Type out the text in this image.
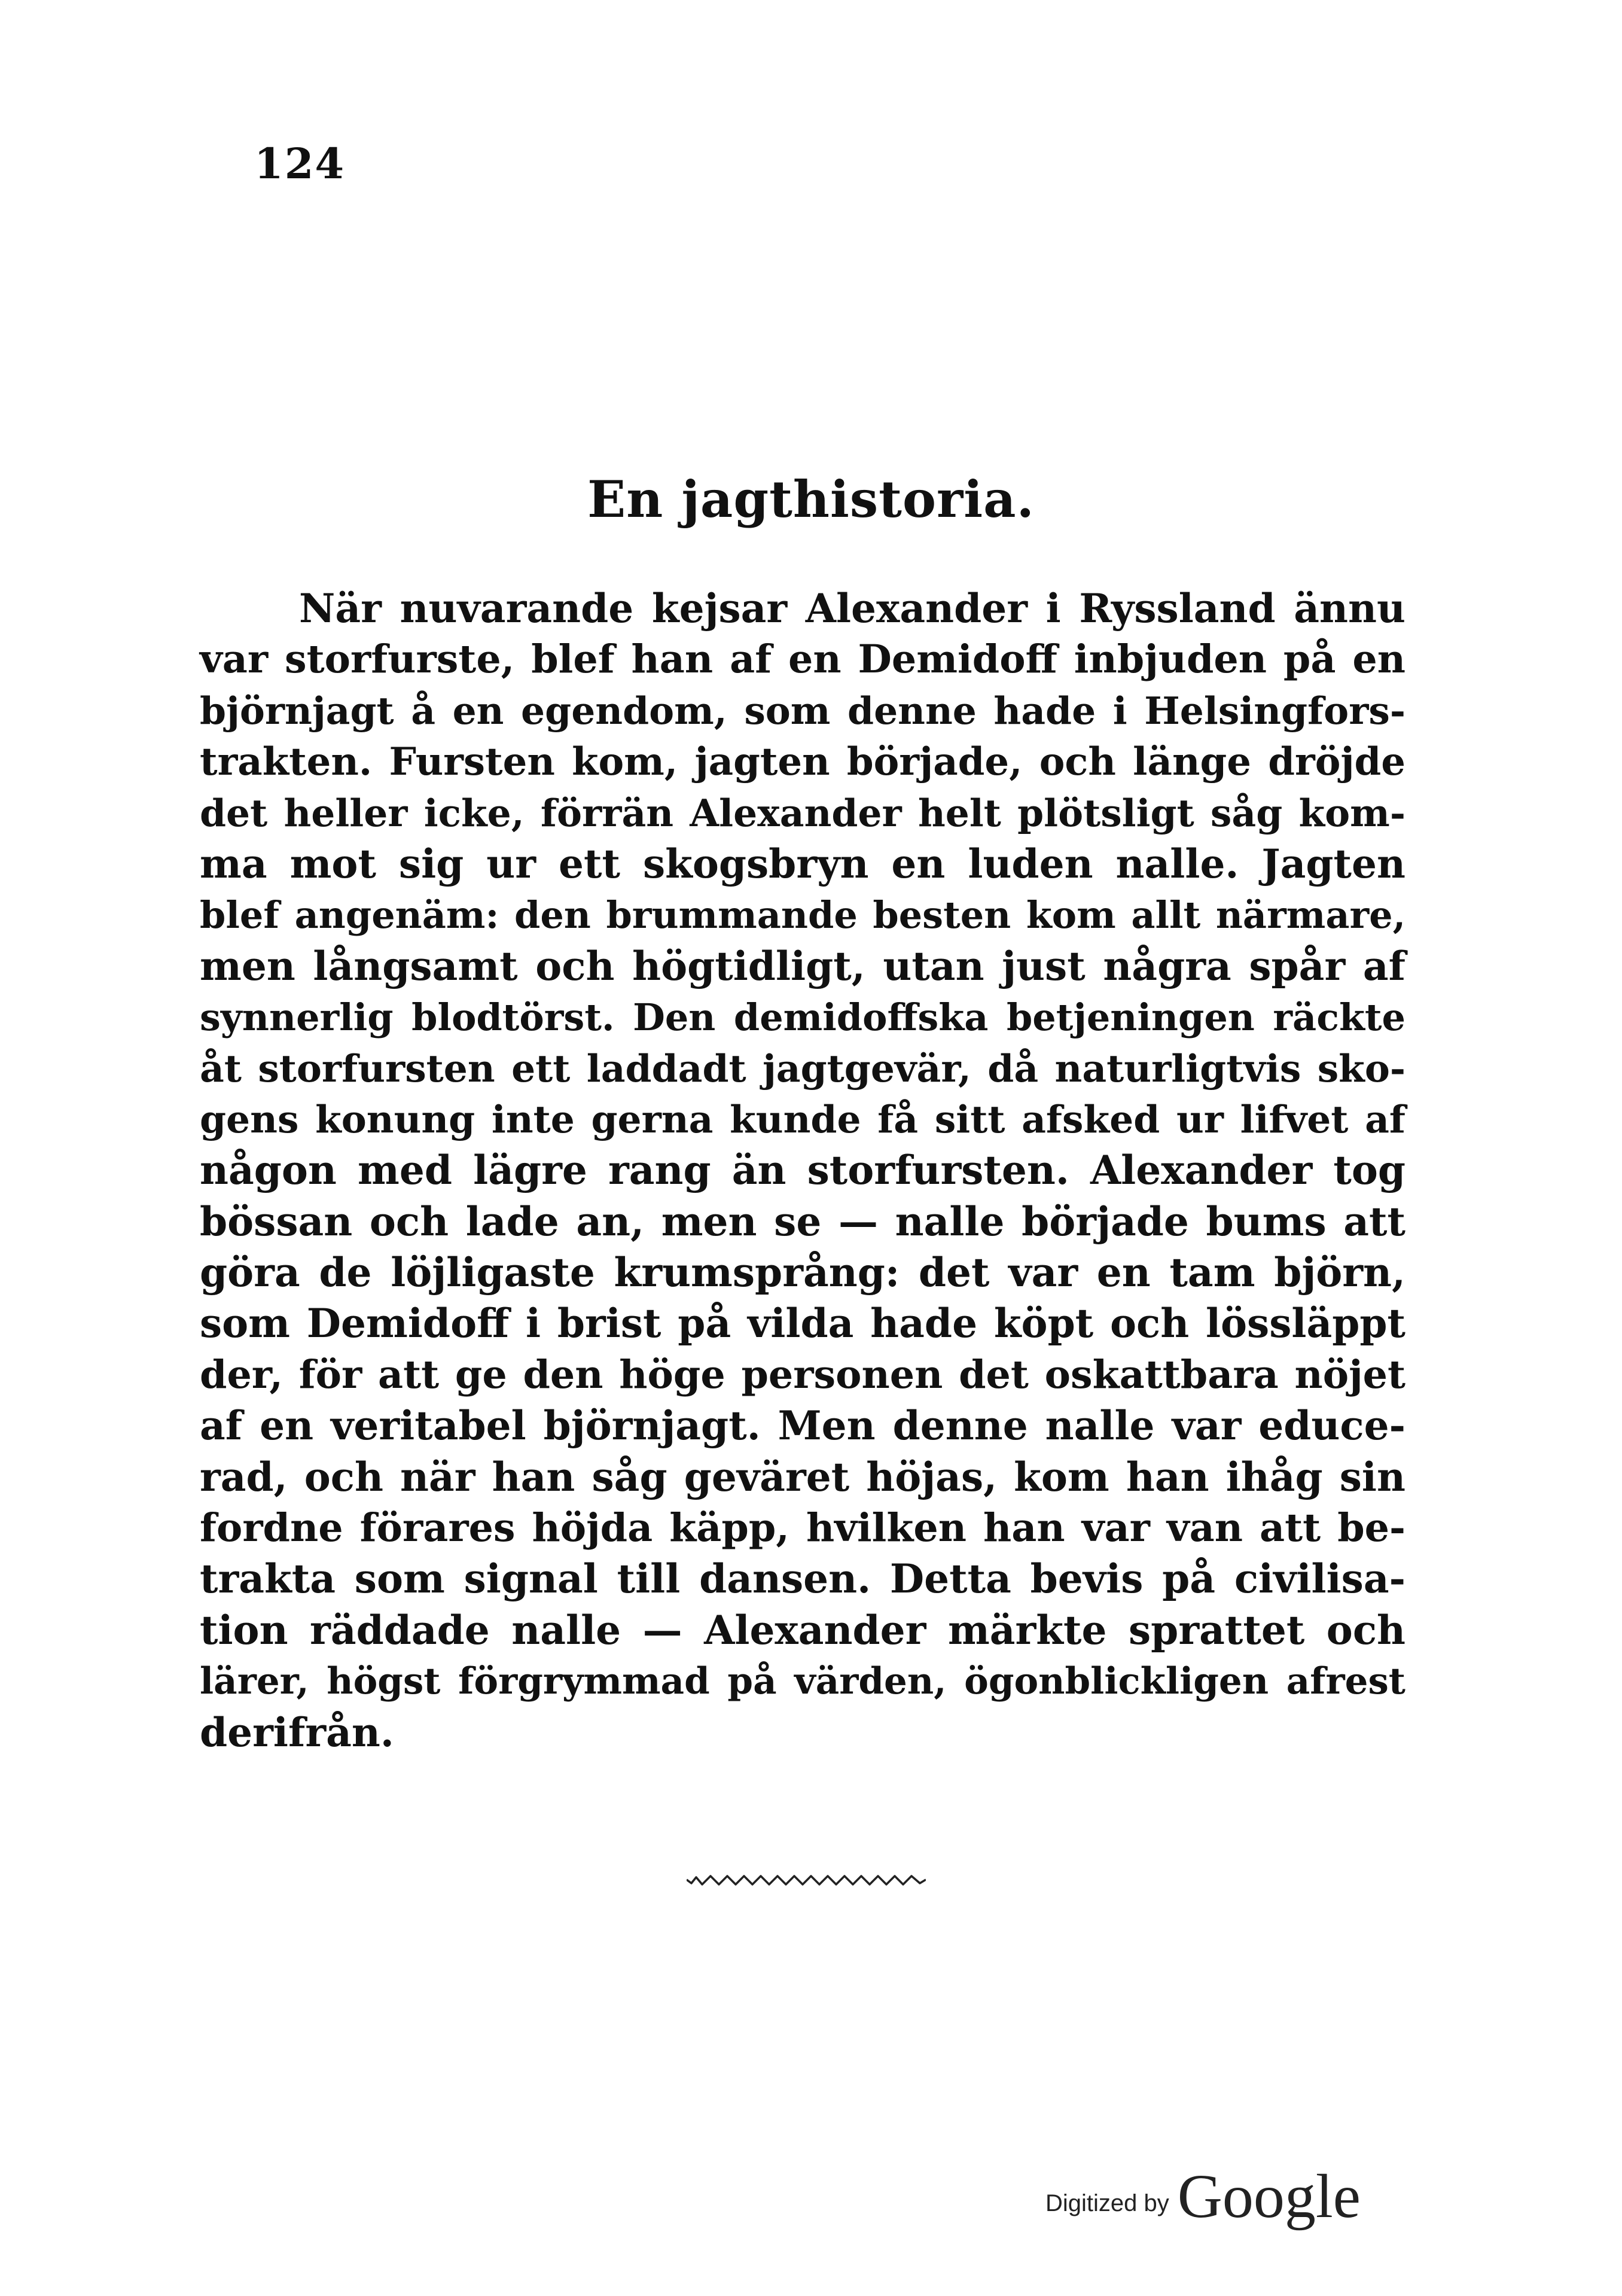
124
En jagthistoria.
När nuvarande kejsar Alexander i Ryssland ännu
var storfurste, blef han af en Demidoff inbjuden på en
björnjagt å en egendom, som denne hade i Helsingfors-
trakten. Fursten kom, jagten började, och länge dröjde
det heller icke, förrän Alexander helt plötsligt såg kom-
ma mot sig ur ett skogsbryn en luden nalle. Jagten
blef angenäm: den brummande besten kom allt närmare,
men långsamt och högtidligt, utan just några spår af
synnerlig blodtörst. Den demidoffska betjeningen räckte
åt storfursten ett laddadt jagtgevär, då naturligtvis sko-
gens konung inte gerna kunde få sitt afsked ur lifvet af
någon med lägre rang än storfursten. Alexander tog
bössan och lade an, men se — nalle började bums att
göra de löjligaste krumsprång: det var en tam björn,
som Demidoff i brist på vilda hade köpt och lössläppt
der, för att ge den höge personen det oskattbara nöjet
af en veritabel björnjagt. Men denne nalle var educe-
rad, och när han såg geväret höjas, kom han ihåg sin
fordne förares höjda käpp, hvilken han var van att be-
trakta som signal till dansen. Detta bevis på civilisa-
tion räddade nalle — Alexander märkte sprattet och
lärer, högst förgrymmad på värden, ögonblickligen afrest
derifrån.
Digitized by Google
